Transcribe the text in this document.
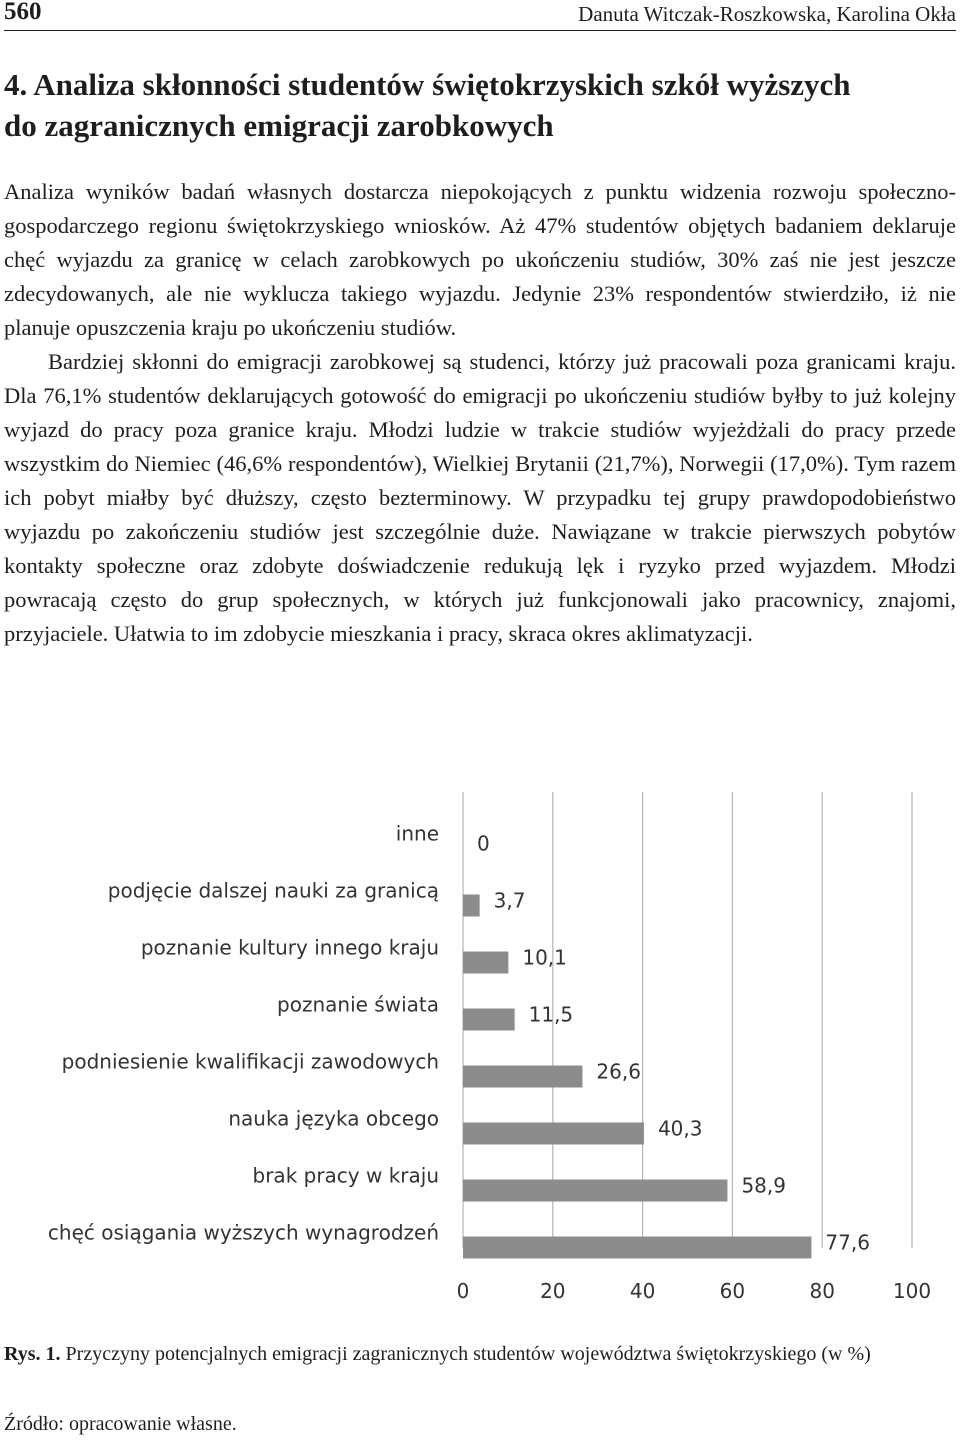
560	Danuta Witczak-Roszkowska, Karolina Okła
4. Analiza skłonności studentów świętokrzyskich szkół wyższych
do zagranicznych emigracji zarobkowych

Analiza wyników badań własnych dostarcza niepokojących z punktu widzenia rozwoju społeczno-gospodarczego regionu świętokrzyskiego wniosków. Aż 47% studentów objętych badaniem deklaruje chęć wyjazdu za granicę w celach zarobkowych po ukończeniu studiów, 30% zaś nie jest jeszcze zdecydowanych, ale nie wyklucza takiego wyjazdu. Jedynie 23% respondentów stwierdziło, iż nie planuje opuszczenia kraju po ukończeniu studiów.

Bardziej skłonni do emigracji zarobkowej są studenci, którzy już pracowali poza granicami kraju. Dla 76,1% studentów deklarujących gotowość do emigracji po ukończeniu studiów byłby to już kolejny wyjazd do pracy poza granice kraju. Młodzi ludzie w trakcie studiów wyjeżdżali do pracy przede wszystkim do Niemiec (46,6% respondentów), Wielkiej Brytanii (21,7%), Norwegii (17,0%). Tym razem ich pobyt miałby być dłuższy, często bezterminowy. W przypadku tej grupy prawdopodobieństwo wyjazdu po zakończeniu studiów jest szczególnie duże. Nawiązane w trakcie pierwszych pobytów kontakty społeczne oraz zdobyte doświadczenie redukują lęk i ryzyko przed wyjazdem. Młodzi powracają często do grup społecznych, w których już funkcjonowali jako pracownicy, znajomi, przyjaciele. Ułatwia to im zdobycie mieszkania i pracy, skraca okres aklimatyzacji.

inne 0
podjęcie dalszej nauki za granicą	3,7
poznanie kultury innego kraju	10,1
poznanie świata	11,5
podniesienie kwalifikacji zawodowych	26,6
nauka języka obcego	40,3
brak pracy w kraju	58,9
chęć osiągania wyższych wynagrodzeń	77,6
0	20	40	60	80	100

Rys. 1. Przyczyny potencjalnych emigracji zagranicznych studentów województwa świętokrzyskiego (w %)

Źródło: opracowanie własne.
